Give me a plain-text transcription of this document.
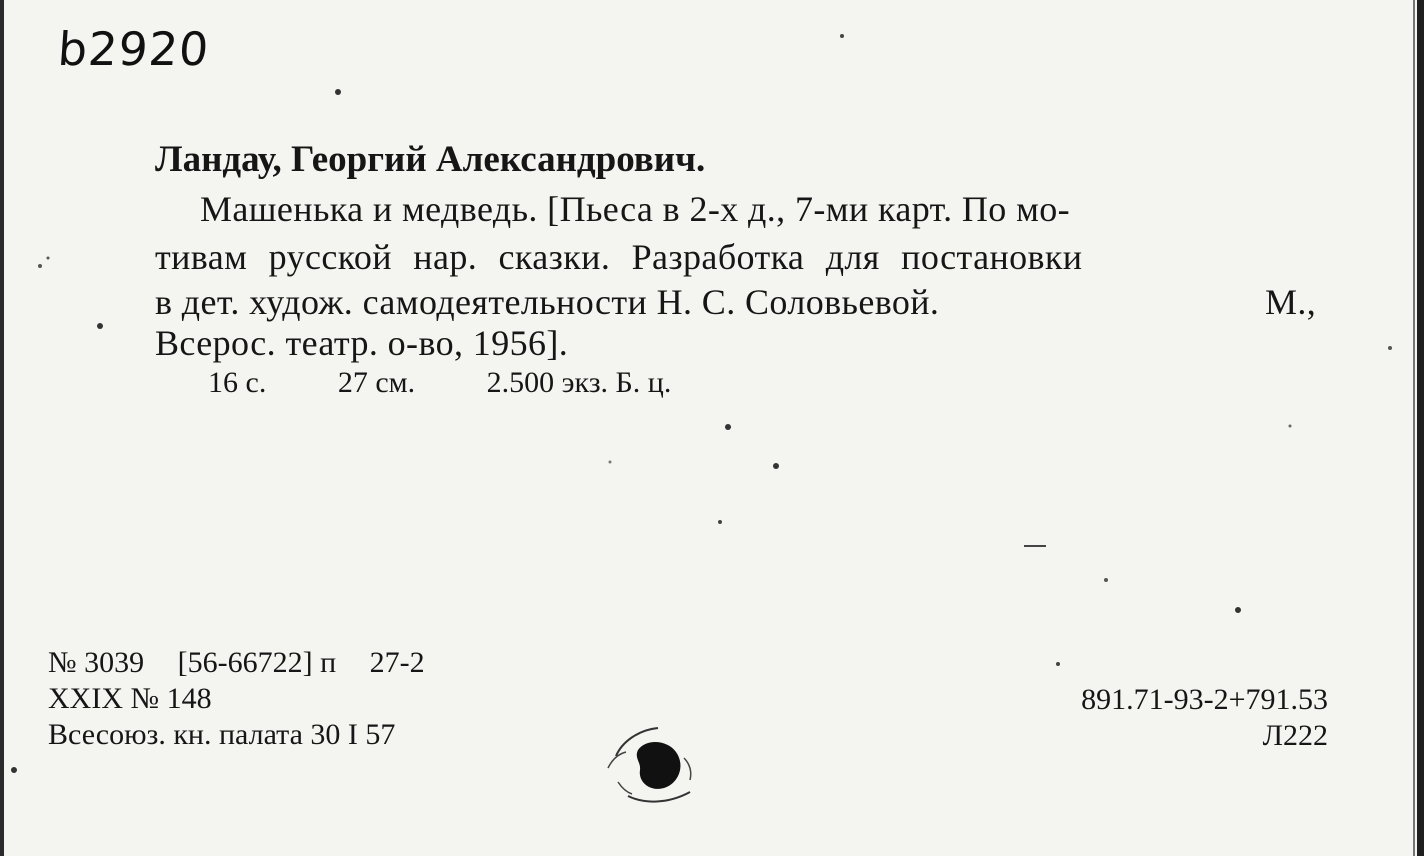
b2920
Ландау, Георгий Александрович.
Машенька и медведь. [Пьеса в 2-х д., 7-ми карт. По мо-
тивам русской нар. сказки. Разработка для постановки
в дет. худож. самодеятельности Н. С. Соловьевой.	М.,
Всерос. театр. о-во, 1956].
16 с. 27 см. 2.500 экз. Б. ц.
№ 3039 [56-66722] п 27-2
XXIX № 148
Всесоюз. кн. палата 30 I 57
891.71-93-2+791.53
Л222
